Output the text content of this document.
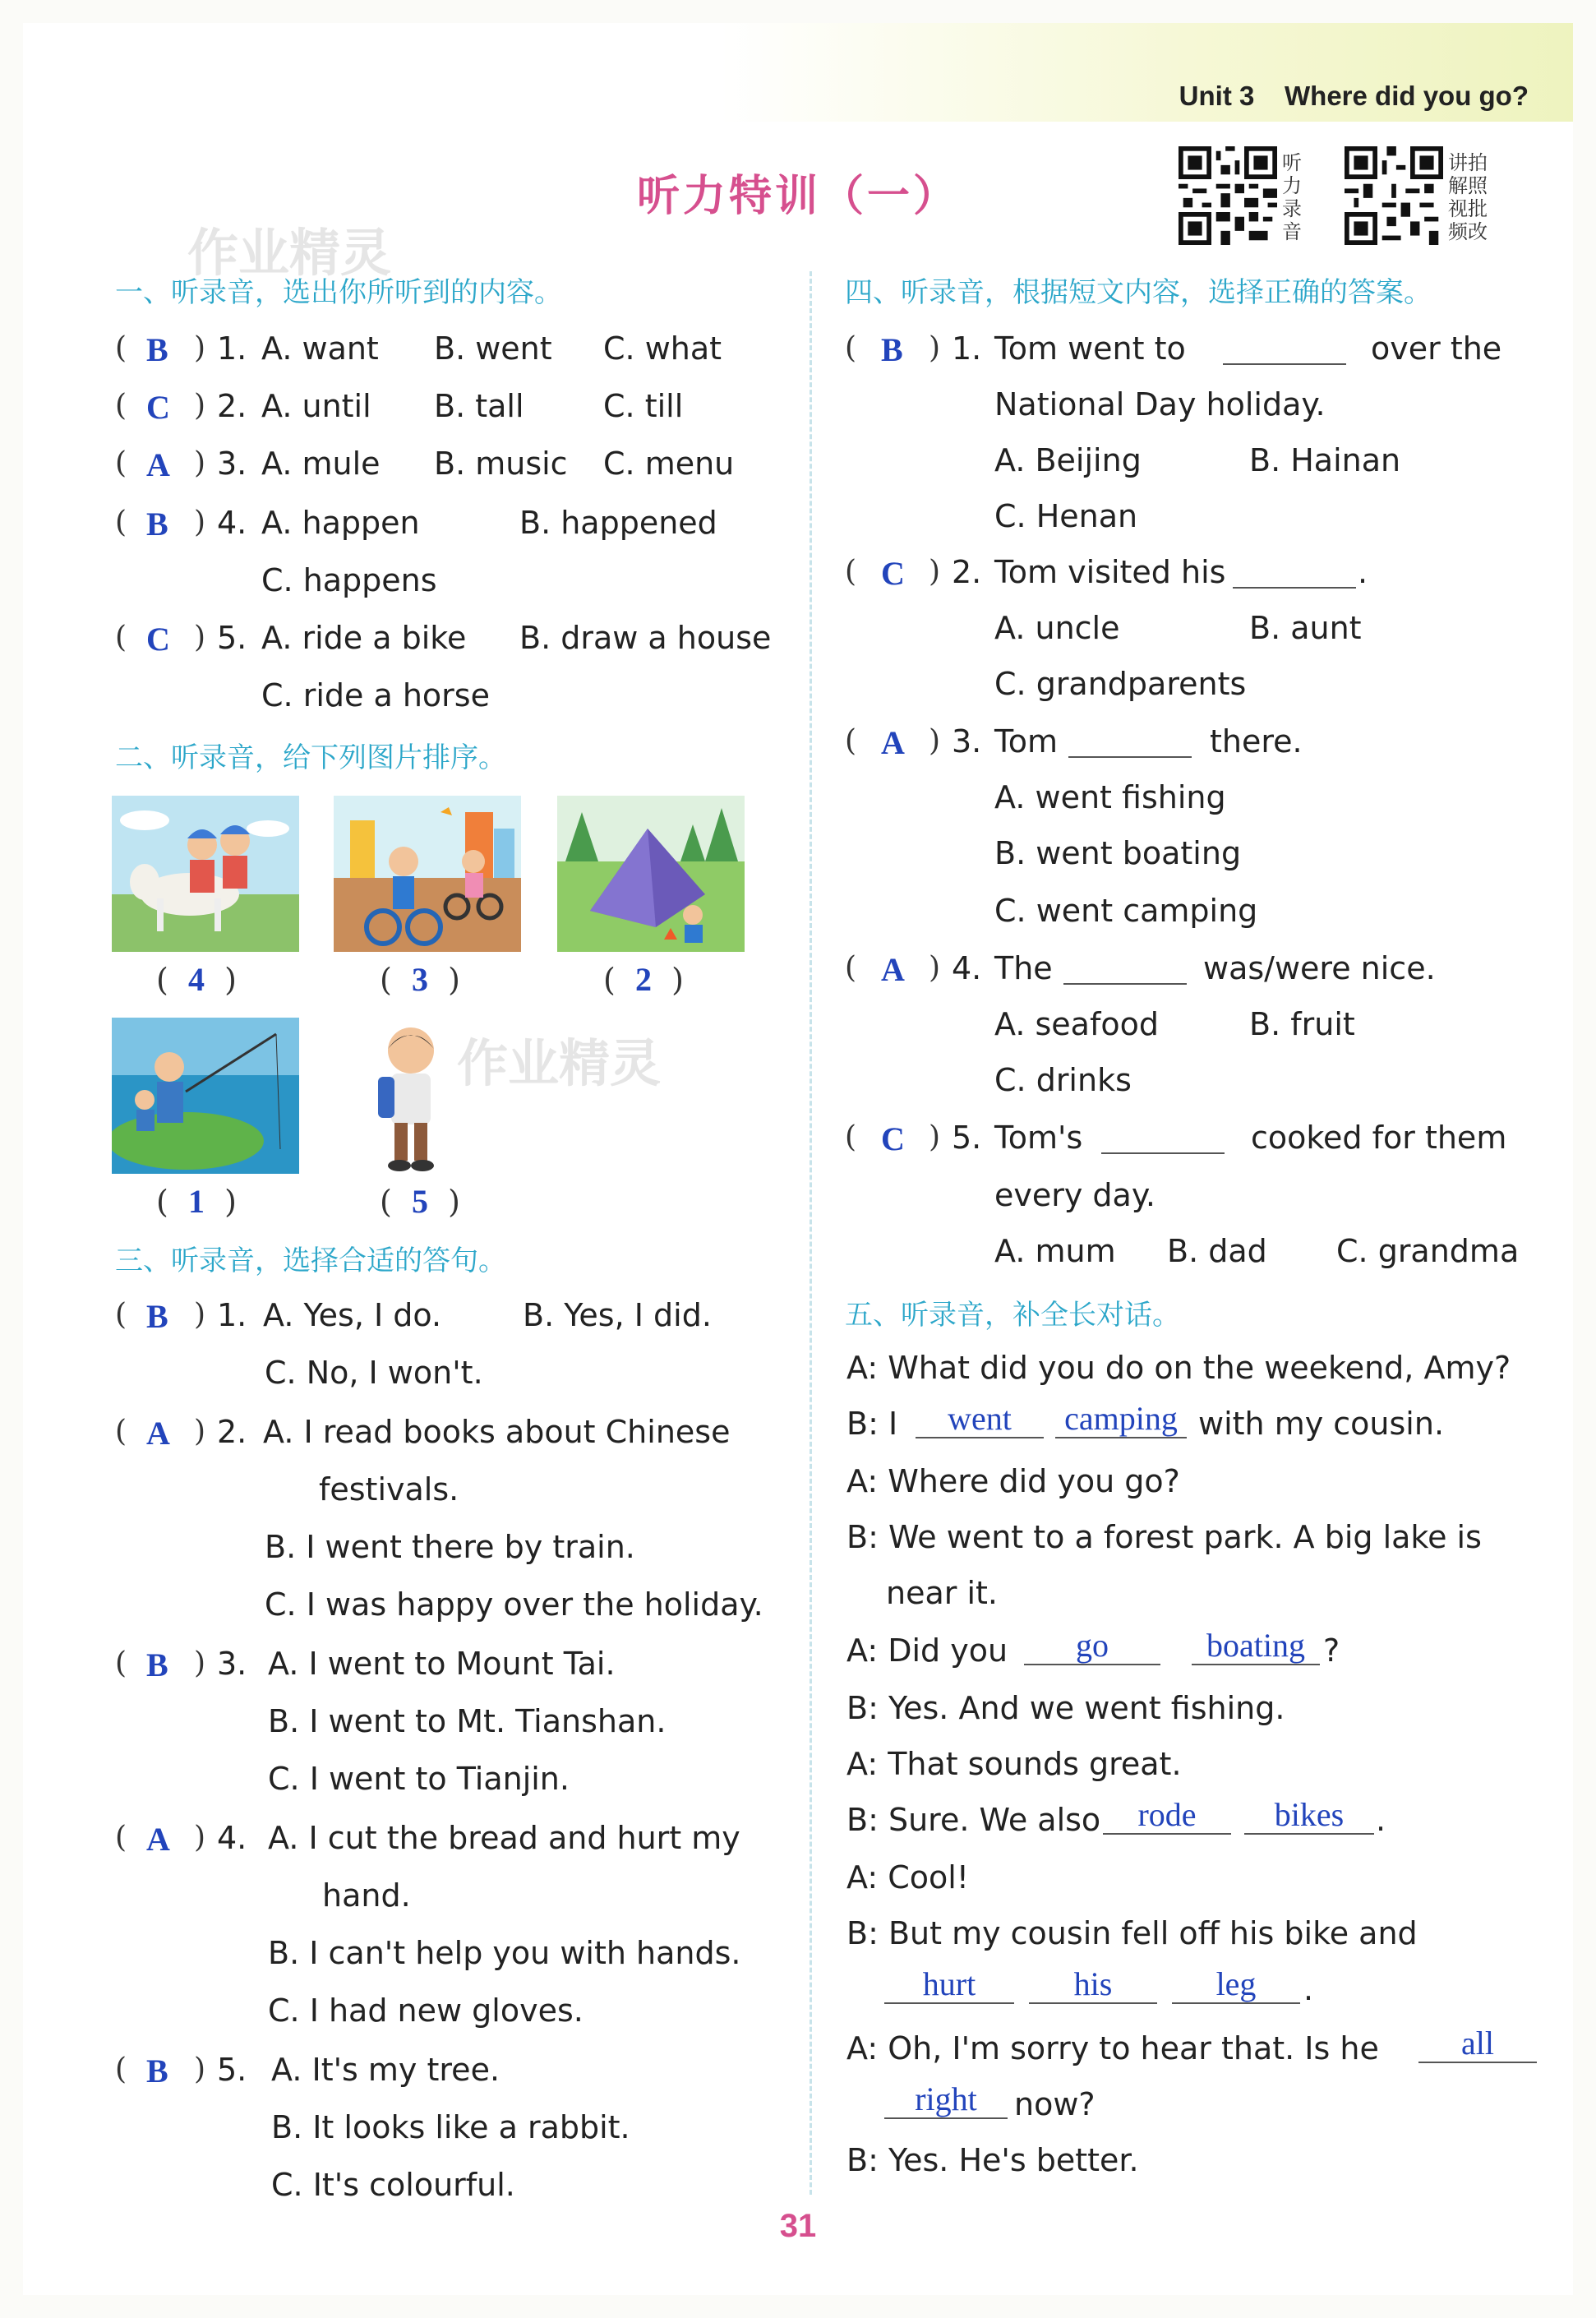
Unit 3    Where did you go?
听力特训（一）
听力录音
讲拍解照视批频改
作业精灵
作业精灵
一、听录音，选出你所听到的内容。
( B ) 1. A. want B. went C. what
( C ) 2. A. until B. tall	C. till
( A ) 3. A. mule B. music C. menu
( B ) 4. A. happen	B. happened
C. happens
( C ) 5. A. ride a bike B. draw a house
C. ride a horse
二、听录音，给下列图片排序。
(  4  )	(  3  )	(  2  )
(  1  )	(  5  )
三、听录音，选择合适的答句。
( B ) 1. A. Yes, I do.	B. Yes, I did.
C. No, I won't.
( A ) 2. A. I read books about Chinese
festivals.
B. I went there by train.
C. I was happy over the holiday.
( B ) 3. A. I went to Mount Tai.
B. I went to Mt. Tianshan.
C. I went to Tianjin.
( A ) 4. A. I cut the bread and hurt my
hand.
B. I can't help you with hands.
C. I had new gloves.
( B ) 5. A. It's my tree.
B. It looks like a rabbit.
C. It's colourful.
四、听录音，根据短文内容，选择正确的答案。
( B ) 1. Tom went to	over the
National Day holiday.
A. Beijing	B. Hainan
C. Henan
( C ) 2. Tom visited his	.
A. uncle	B. aunt
C. grandparents
( A ) 3. Tom	there.
A. went fishing
B. went boating
C. went camping
( A ) 4. The	was/were nice.
A. seafood	B. fruit
C. drinks
( C ) 5. Tom's	cooked for them
every day.
A. mum B. dad C. grandma
五、听录音，补全长对话。
A: What did you do on the weekend, Amy?
B: I	went	camping with my cousin.
A: Where did you go?
B: We went to a forest park. A big lake is
near it.
A: Did you	go	boating ?
B: Yes. And we went fishing.
A: That sounds great.
B: Sure. We also	rode	bikes	.
A: Cool!
B: But my cousin fell off his bike and
hurt	his	leg	.
A: Oh, I'm sorry to hear that. Is he	all
right	now?
B: Yes. He's better.
31
